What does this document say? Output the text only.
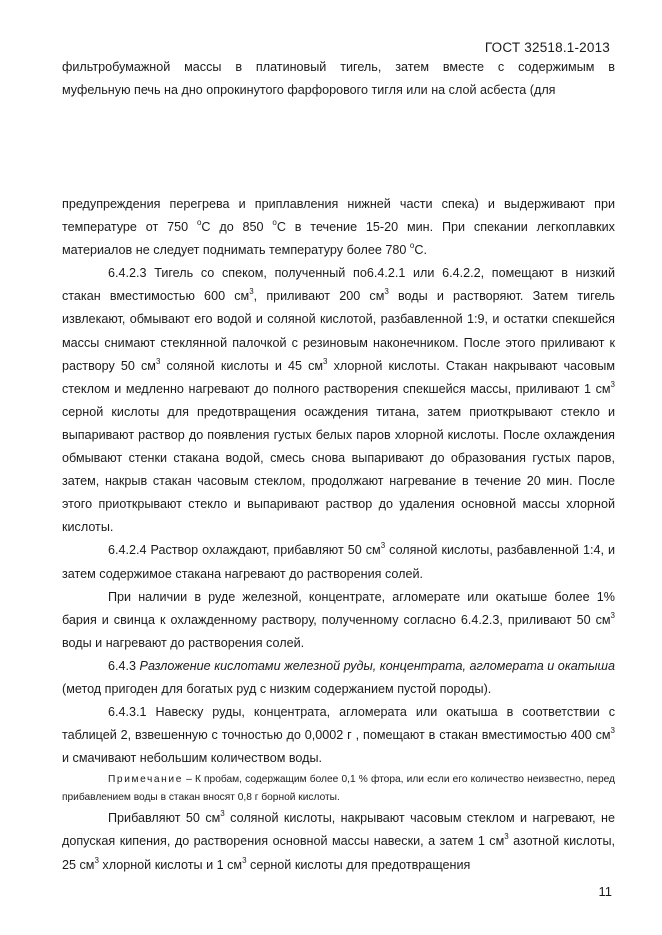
ГОСТ 32518.1-2013

фильтробумажной массы в платиновый тигель, затем вместе с содержимым в

муфельную печь на дно опрокинутого фарфорового тигля или на слой асбеста (для

предупреждения перегрева и приплавления нижней части спека) и выдерживают при температуре от 750 $^о$С до 850 $^о$С в течение 15-20 мин. При спекании легкоплавких материалов не следует поднимать температуру более 780 $^о$С.

6.4.2.3 Тигель со спеком, полученный по6.4.2.1 или 6.4.2.2, помещают в низкий стакан вместимостью 600 $см^3$, приливают 200 $см^3$ воды и растворяют. Затем тигель извлекают, обмывают его водой и соляной кислотой, разбавленной 1:9, и остатки спекшейся массы снимают стеклянной палочкой с резиновым наконечником. После этого приливают к раствору 50 $см^3$ соляной кислоты и 45 $см^3$ хлорной кислоты. Стакан накрывают часовым стеклом и медленно нагревают до полного растворения спекшейся массы, приливают 1 $см^3$ серной кислоты для предотвращения осаждения титана, затем приоткрывают стекло и выпаривают раствор до появления густых белых паров хлорной кислоты. После охлаждения обмывают стенки стакана водой, смесь снова выпаривают до образования густых паров, затем, накрыв стакан часовым стеклом, продолжают нагревание в течение 20 мин. После этого приоткрывают стекло и выпаривают раствор до удаления основной массы хлорной кислоты.

6.4.2.4 Раствор охлаждают, прибавляют 50 $см^3$ соляной кислоты, разбавленной 1:4, и затем содержимое стакана нагревают до растворения солей.

При наличии в руде железной, концентрате, агломерате или окатыше более 1% бария и свинца к охлажденному раствору, полученному согласно 6.4.2.3, приливают 50 $см^3$ воды и нагревают до растворения солей.

6.4.3 Разложение кислотами железной руды, концентрата, агломерата и окатыша (метод пригоден для богатых руд с низким содержанием пустой породы).

6.4.3.1 Навеску руды, концентрата, агломерата или окатыша в соответствии с таблицей 2, взвешенную с точностью до 0,0002 г , помещают в стакан вместимостью 400 $см^3$ и смачивают небольшим количеством воды.

Примечание – К пробам, содержащим более 0,1 % фтора, или если его количество неизвестно, перед прибавлением воды в стакан вносят 0,8 г борной кислоты.

Прибавляют 50 $см^3$ соляной кислоты, накрывают часовым стеклом и нагревают, не допуская кипения, до растворения основной массы навески, а затем 1 $см^3$ азотной кислоты, 25 $см^3$ хлорной кислоты и 1 $см^3$ серной кислоты для предотвращения

11
